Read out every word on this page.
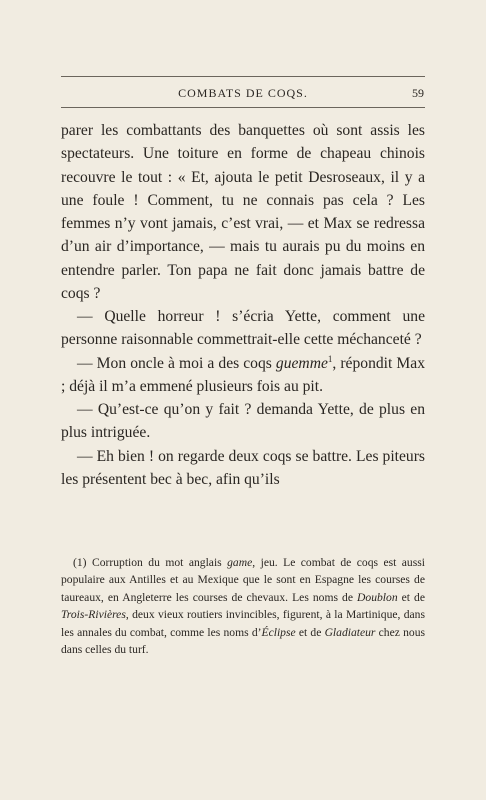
COMBATS DE COQS.	59

parer les combattants des banquettes où sont assis les spectateurs. Une toiture en forme de chapeau chinois recouvre le tout : « Et, ajouta le petit Desroseaux, il y a une foule ! Comment, tu ne connais pas cela ? Les femmes n’y vont jamais, c’est vrai, — et Max se redressa d’un air d’importance, — mais tu aurais pu du moins en entendre parler. Ton papa ne fait donc jamais battre de coqs ?

— Quelle horreur ! s’écria Yette, comment une personne raisonnable commettrait-elle cette méchanceté ?

— Mon oncle à moi a des coqs guemme$^1$, répondit Max ; déjà il m’a emmené plusieurs fois au pit.

— Qu’est-ce qu’on y fait ? demanda Yette, de plus en plus intriguée.

— Eh bien ! on regarde deux coqs se battre. Les piteurs les présentent bec à bec, afin qu’ils

(1) Corruption du mot anglais game, jeu. Le combat de coqs est aussi populaire aux Antilles et au Mexique que le sont en Espagne les courses de taureaux, en Angleterre les courses de chevaux. Les noms de Doublon et de Trois-Rivières, deux vieux routiers invincibles, figurent, à la Martinique, dans les annales du combat, comme les noms d’Éclipse et de Gladiateur chez nous dans celles du turf.
